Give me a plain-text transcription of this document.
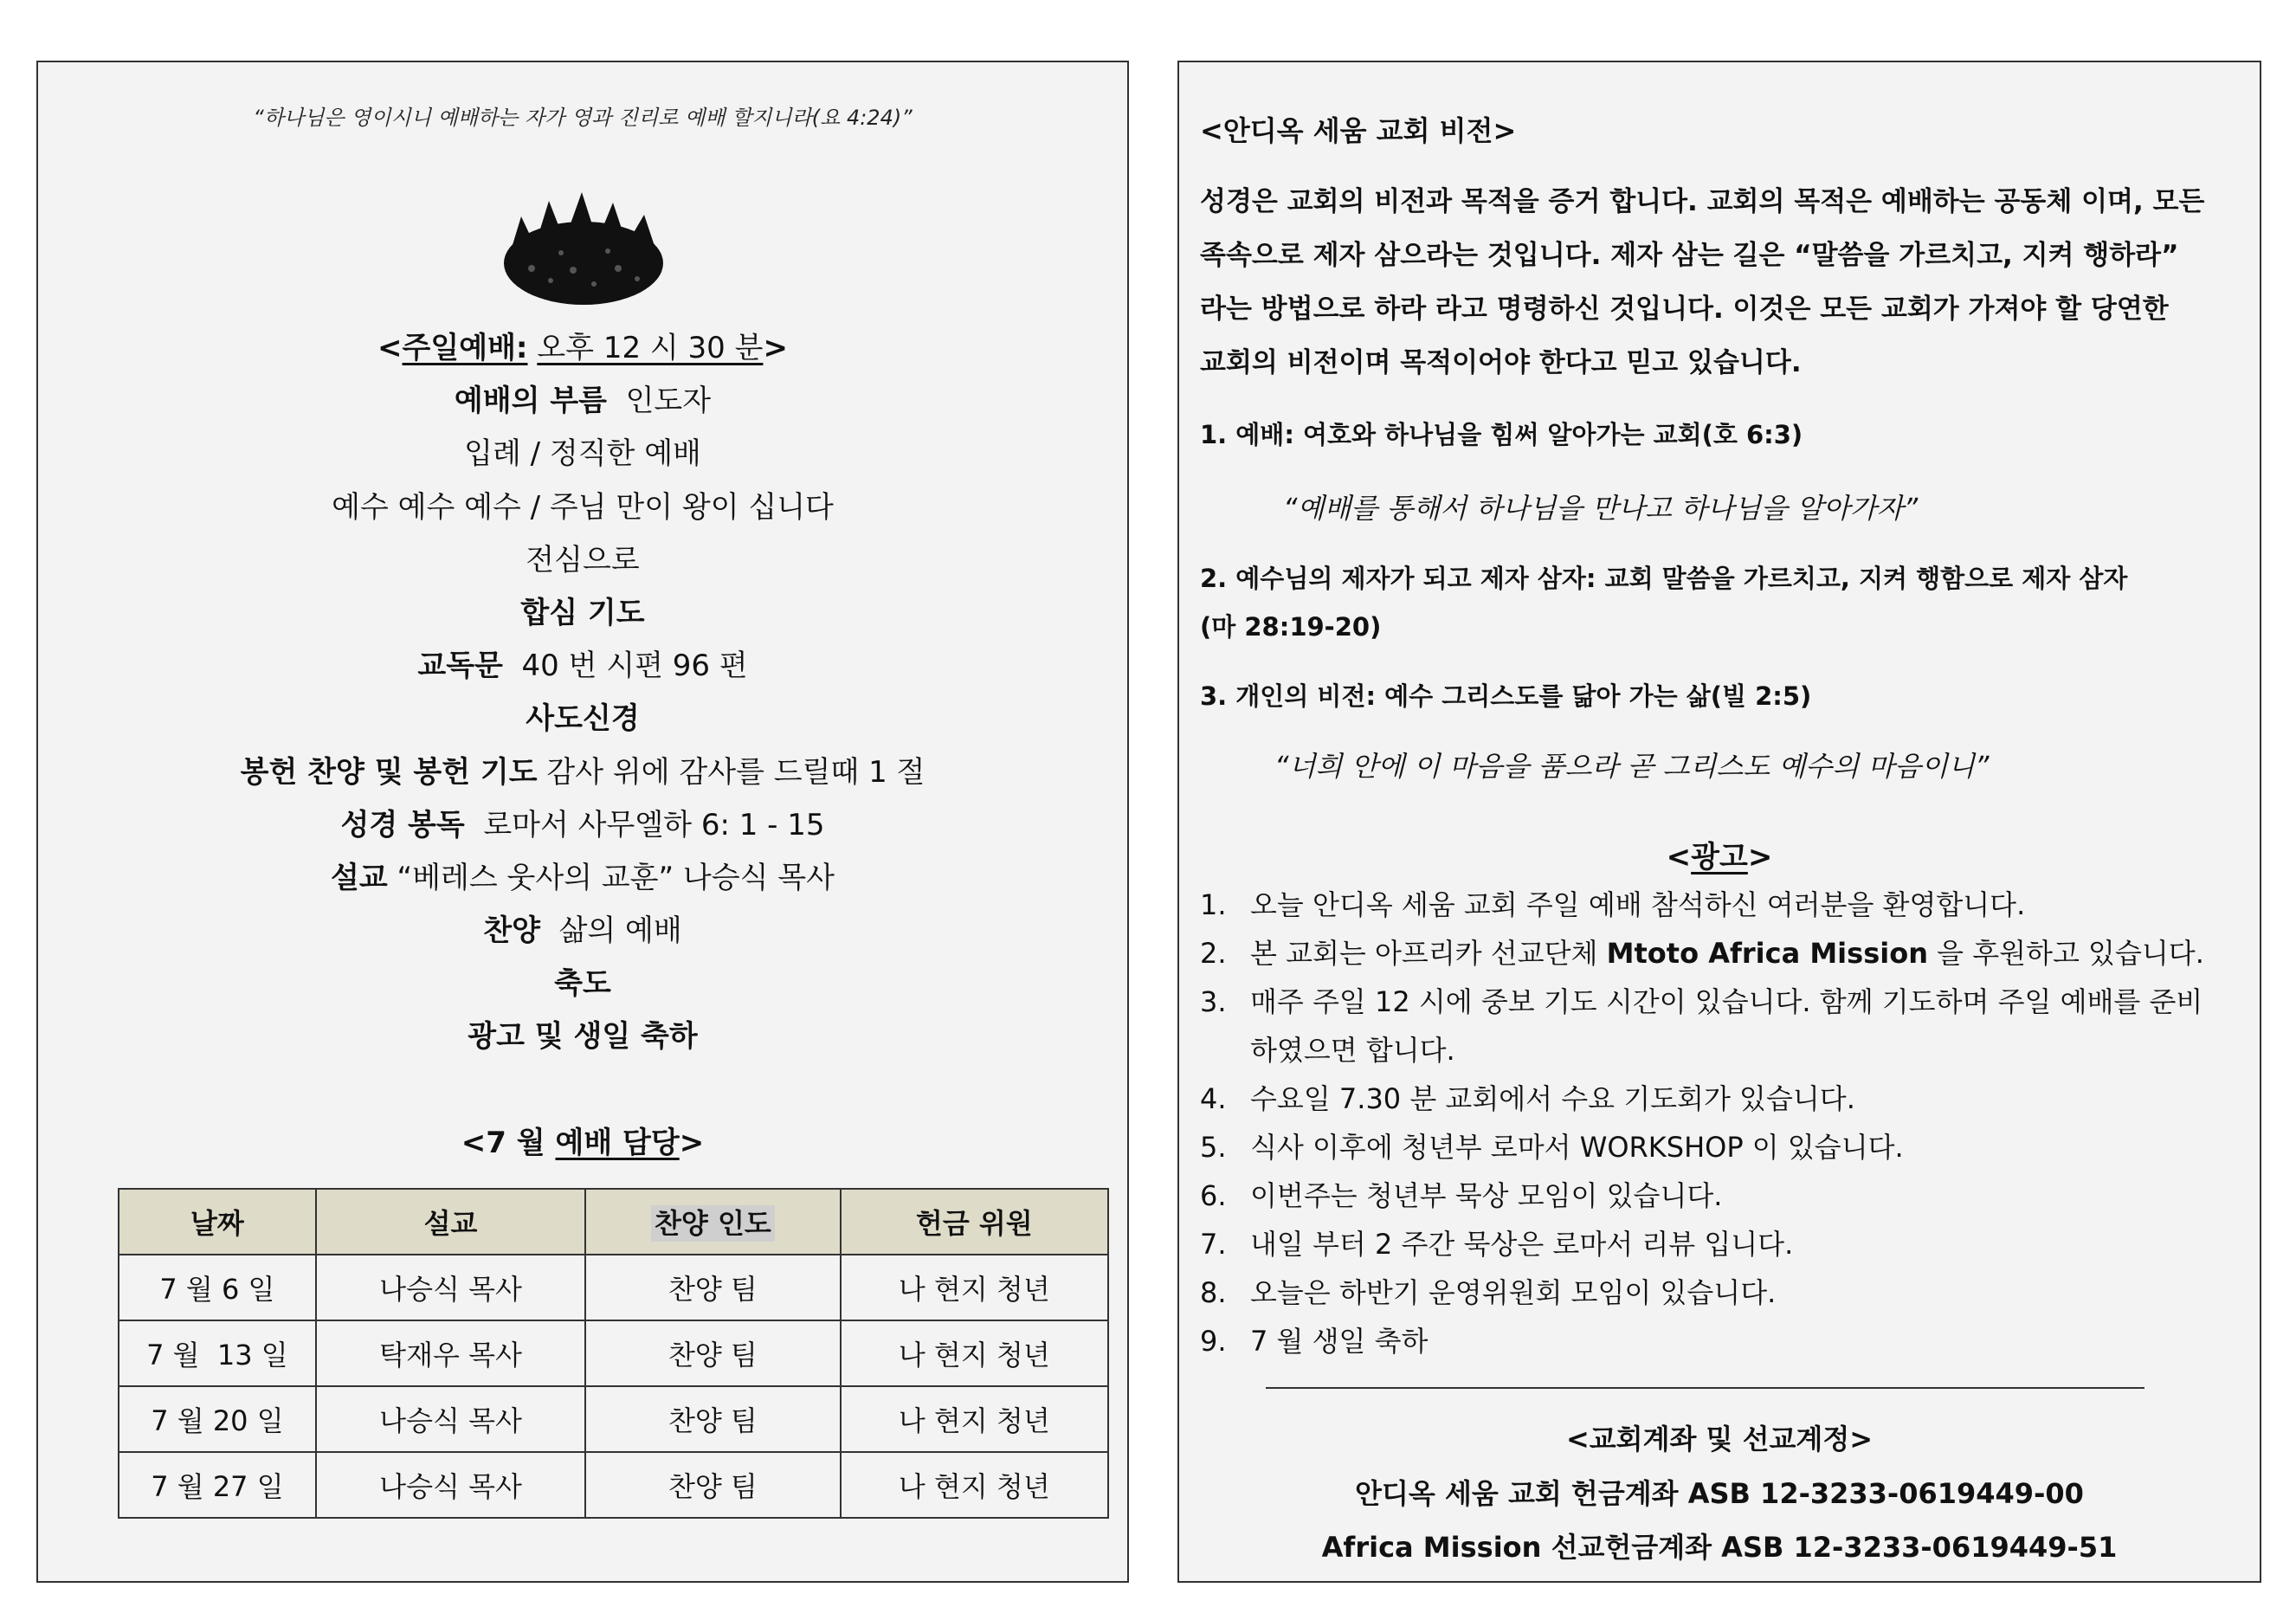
“하나님은 영이시니 예배하는 자가 영과 진리로 예배 할지니라(요 4:24)”
<주일예배: 오후 12 시 30 분>
예배의 부름 인도자
입례 / 정직한 예배
예수 예수 예수 / 주님 만이 왕이 십니다
전심으로
합심 기도
교독문 40 번 시편 96 편
사도신경
봉헌 찬양 및 봉헌 기도 감사 위에 감사를 드릴때 1 절
성경 봉독 로마서 사무엘하 6: 1 - 15
설교 “베레스 웃사의 교훈” 나승식 목사
찬양 삶의 예배
축도
광고 및 생일 축하
<7 월 예배 담당>
날짜	설교	찬양 인도	헌금 위원
7 월 6 일	나승식 목사	찬양 팀	나 현지 청년
7 월  13 일	탁재우 목사	찬양 팀	나 현지 청년
7 월 20 일	나승식 목사	찬양 팀	나 현지 청년
7 월 27 일	나승식 목사	찬양 팀	나 현지 청년
<안디옥 세움 교회 비전>
성경은 교회의 비전과 목적을 증거 합니다. 교회의 목적은 예배하는 공동체 이며, 모든
족속으로 제자 삼으라는 것입니다. 제자 삼는 길은 “말씀을 가르치고, 지켜 행하라”
라는 방법으로 하라 라고 명령하신 것입니다. 이것은 모든 교회가 가져야 할 당연한
교회의 비전이며 목적이어야 한다고 믿고 있습니다.
1. 예배: 여호와 하나님을 힘써 알아가는 교회(호 6:3)
“예배를 통해서 하나님을 만나고 하나님을 알아가자”
2. 예수님의 제자가 되고 제자 삼자: 교회 말씀을 가르치고, 지켜 행함으로 제자 삼자
(마 28:19-20)
3. 개인의 비전: 예수 그리스도를 닮아 가는 삶(빌 2:5)
“너희 안에 이 마음을 품으라 곧 그리스도 예수의 마음이니”
<광고>
1. 오늘 안디옥 세움 교회 주일 예배 참석하신 여러분을 환영합니다.
2. 본 교회는 아프리카 선교단체 Mtoto Africa Mission 을 후원하고 있습니다.
3. 매주 주일 12 시에 중보 기도 시간이 있습니다. 함께 기도하며 주일 예배를 준비
하였으면 합니다.
4. 수요일 7.30 분 교회에서 수요 기도회가 있습니다.
5. 식사 이후에 청년부 로마서 WORKSHOP 이 있습니다.
6. 이번주는 청년부 묵상 모임이 있습니다.
7. 내일 부터 2 주간 묵상은 로마서 리뷰 입니다.
8. 오늘은 하반기 운영위원회 모임이 있습니다.
9. 7 월 생일 축하
<교회계좌 및 선교계정>
안디옥 세움 교회 헌금계좌 ASB 12-3233-0619449-00
Africa Mission 선교헌금계좌 ASB 12-3233-0619449-51
